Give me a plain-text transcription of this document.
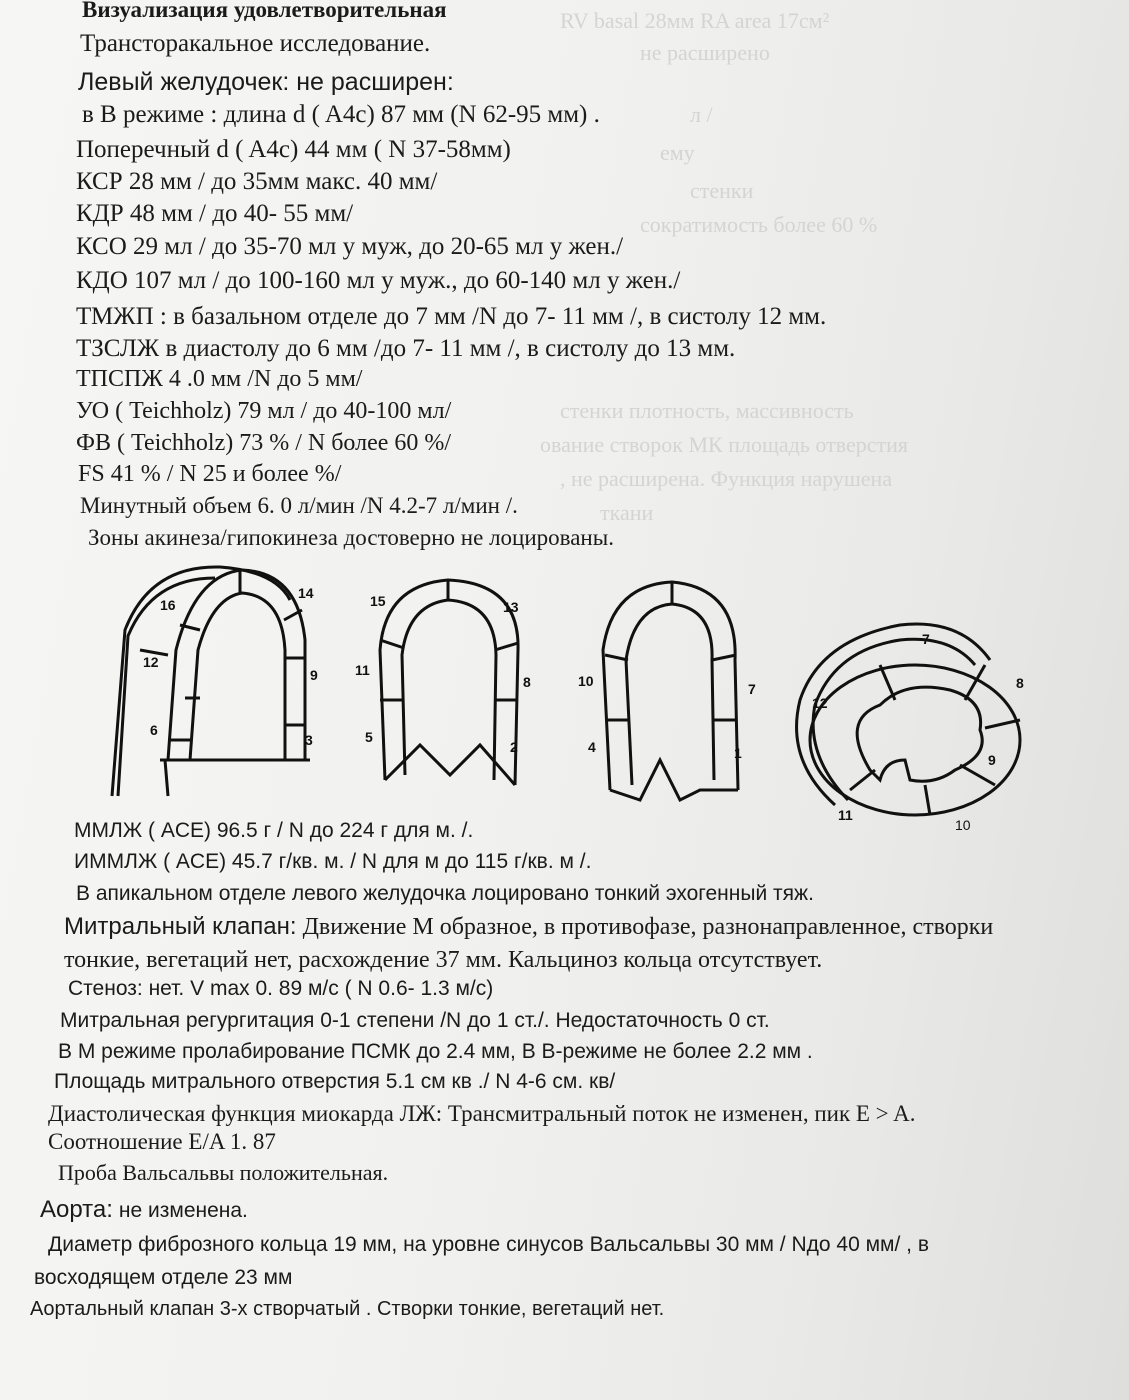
RV basal 28мм RA area 17см²
не расширено
л /
ему
стенки
сократимость более 60 %
стенки плотность, массивность
ование створок МК площадь отверстия
, не расширена. Функция нарушена
ткани
Визуализация удовлетворительная
Трансторакальное исследование.
Левый желудочек: не расширен:
в В режиме : длина d ( A4c) 87 мм (N 62-95 мм) .
Поперечный d ( A4c) 44 мм ( N 37-58мм)
КСР 28 мм / до 35мм макс. 40 мм/
КДР 48 мм / до 40- 55 мм/
КСО 29 мл / до 35-70 мл у муж, до 20-65 мл у жен./
КДО 107 мл / до 100-160 мл у муж., до 60-140 мл у жен./
ТМЖП : в базальном отделе до 7 мм /N до 7- 11 мм /, в систолу 12 мм.
ТЗСЛЖ в диастолу до 6 мм /до 7- 11 мм /, в систолу до 13 мм.
ТПСПЖ 4 .0 мм /N до 5 мм/
УО ( Teichholz) 79 мл / до 40-100 мл/
ФВ ( Teichholz) 73 % / N более 60 %/
FS 41 % / N 25 и более %/
Минутный объем 6. 0 л/мин /N 4.2-7 л/мин /.
Зоны акинеза/гипокинеза достоверно не лоцированы.
16
14
12
9
6
3
15	13
11
8
5
2
10	7
4	1
7
12
8
9
11
10
ММЛЖ ( ACE) 96.5 г / N до 224 г для м. /.
ИММЛЖ ( ACE) 45.7 г/кв. м. / N для м до 115 г/кв. м /.
В апикальном отделе левого желудочка лоцировано тонкий эхогенный тяж.
Митральный клапан: Движение М образное, в противофазе, разнонаправленное, створки
тонкие, вегетаций нет, расхождение 37 мм. Кальциноз кольца отсутствует.
Стеноз: нет. V max 0. 89 м/с ( N 0.6- 1.3 м/с)
Митральная регургитация 0-1 степени /N до 1 ст./. Недостаточность 0 ст.
В М режиме пролабирование ПСМК до 2.4 мм, В В-режиме не более 2.2 мм .
Площадь митрального отверстия 5.1 см кв ./ N 4-6 см. кв/
Диастолическая функция миокарда ЛЖ: Трансмитральный поток не изменен, пик E > A.
Соотношение E/A 1. 87
Проба Вальсальвы положительная.
Аорта: не изменена.
Диаметр фиброзного кольца 19 мм, на уровне синусов Вальсальвы 30 мм / Nдо 40 мм/ , в
восходящем отделе 23 мм
Аортальный клапан 3-х створчатый . Створки тонкие, вегетаций нет.
